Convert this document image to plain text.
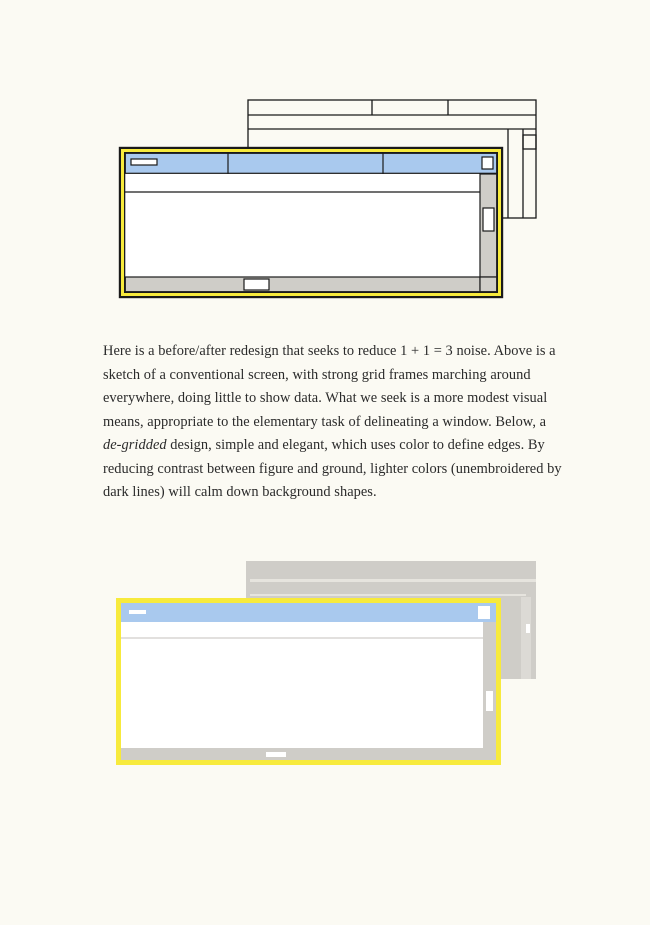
Here is a before/after redesign that seeks to reduce 1 + 1 = 3 noise. Above is a sketch of a conventional screen, with strong grid frames marching around everywhere, doing little to show data. What we seek is a more modest visual means, appropriate to the elementary task of delineating a window. Below, a de-gridded design, simple and elegant, which uses color to define edges. By reducing contrast between figure and ground, lighter colors (unembroidered by dark lines) will calm down background shapes.
